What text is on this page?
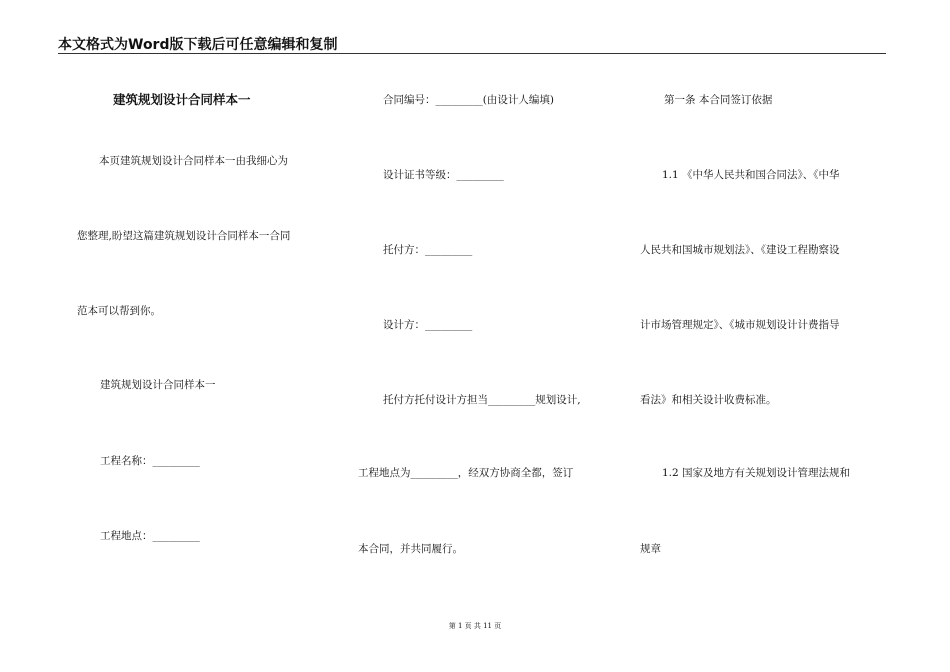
本文格式为Word版下载后可任意编辑和复制
建筑规划设计合同样本一
本页建筑规划设计合同样本一由我细心为
您整理,盼望这篇建筑规划设计合同样本一合同
范本可以帮到你。
建筑规划设计合同样本一
工程名称：_________
工程地点：_________
合同编号：_________(由设计人编填)
设计证书等级：_________
托付方：_________
设计方：_________
托付方托付设计方担当_________规划设计,
工程地点为_________，经双方协商全都，签订
本合同，并共同履行。
第一条 本合同签订依据
1.1 《中华人民共和国合同法》、《中华
人民共和国城市规划法》、《建设工程勘察设
计市场管理规定》、《城市规划设计计费指导
看法》和相关设计收费标准。
1.2 国家及地方有关规划设计管理法规和
规章
第 1 页 共 11 页
